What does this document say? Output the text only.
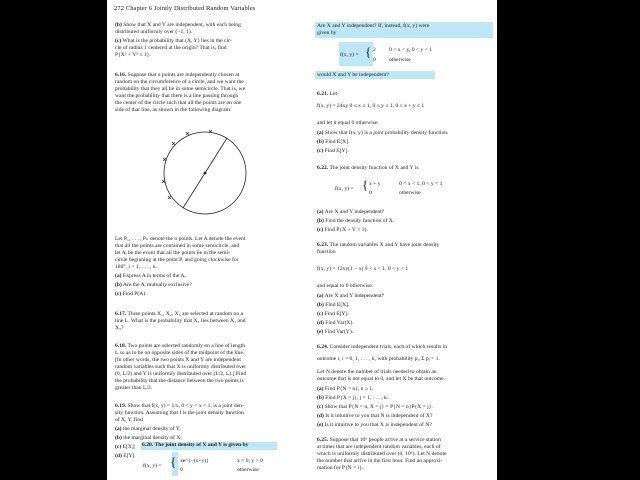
272 Chapter 6 Jointly Distributed Random Variables
6.20. The joint density of X and Y is given by
f(x, y) = { xe^{−(x+y)}	x > 0, y > 0
0	otherwise
Are X and Y independent? If, instead, f(x, y) were
given by
f(x, y) = { 2 0 < x < y, 0 < y < 1
0 otherwise
would X and Y be independent?
f(x, y) = { x + y	0 < x < 1, 0 < y < 1
0	otherwise
(b) Show that X and Y are independent, with each being
distributed uniformly over (−1, 1).
(c) What is the probability that (X, Y) lies in the cir-
cle of radius 1 centered at the origin? That is, find
P{X² + Y² ≤ 1}.
6.16. Suppose that n points are independently chosen at
random on the circumference of a circle, and we want the
probability that they all lie in some semicircle. That is, we
want the probability that there is a line passing through
the center of the circle such that all the points are on one
side of that line, as shown in the following diagram:
Let P₁, . . . , Pₙ denote the n points. Let A denote the event
that all the points are contained in some semicircle, and
let Aᵢ be the event that all the points lie in the semi-
circle beginning at the point Pᵢ and going clockwise for
180°, i = 1, . . . , n.
(a) Express A in terms of the Aᵢ.
(b) Are the Aᵢ mutually exclusive?
(c) Find P(A).
6.17. Three points X₁, X₂, X₃ are selected at random on a
line L. What is the probability that X₂ lies between X₁ and
X₃?
6.18. Two points are selected randomly on a line of length
L so as to be on opposite sides of the midpoint of the line.
[In other words, the two points X and Y are independent
random variables such that X is uniformly distributed over
(0, L/2) and Y is uniformly distributed over (L/2, L).] Find
the probability that the distance between the two points is
greater than L/3.
6.19. Show that f(x, y) = 1/x, 0 < y < x < 1, is a joint den-
sity function. Assuming that f is the joint density function
of X, Y, find
(a) the marginal density of Y;
(b) the marginal density of X;
(c) E[X];
(d) E[Y].
6.21. Let
f(x, y) = 24xy 0 ≤ x ≤ 1, 0 ≤ y ≤ 1, 0 ≤ x + y ≤ 1
and let it equal 0 otherwise.
(a) Show that f(x, y) is a joint probability density function.
(b) Find E[X].
(c) Find E[Y].
6.22. The joint density function of X and Y is
(a) Are X and Y independent?
(b) Find the density function of X.
(c) Find P{X + Y < 1}.
6.23. The random variables X and Y have joint density
function
f(x, y) = 12xy(1 − x) 0 < x < 1, 0 < y < 1
and equal to 0 otherwise.
(a) Are X and Y independent?
(b) Find E[X].
(c) Find E[Y].
(d) Find Var(X).
(e) Find Var(Y).
6.24. Consider independent trials, each of which results in
outcome i, i = 0, 1, . . . , k, with probability pᵢ, Σ pᵢ = 1.
Let N denote the number of trials needed to obtain an
outcome that is not equal to 0, and let X be that outcome.
(a) Find P{N = n}, n ≥ 1.
(b) Find P{X = j}, j = 1, . . . , k.
(c) Show that P{N = n, X = j} = P{N = n}P{X = j}.
(d) Is it intuitive to you that N is independent of X?
(e) Is it intuitive to you that X is independent of N?
6.25. Suppose that 10⁶ people arrive at a service station
at times that are independent random variables, each of
which is uniformly distributed over (0, 10⁶). Let N denote
the number that arrive in the first hour. Find an approxi-
mation for P{N = i}.
